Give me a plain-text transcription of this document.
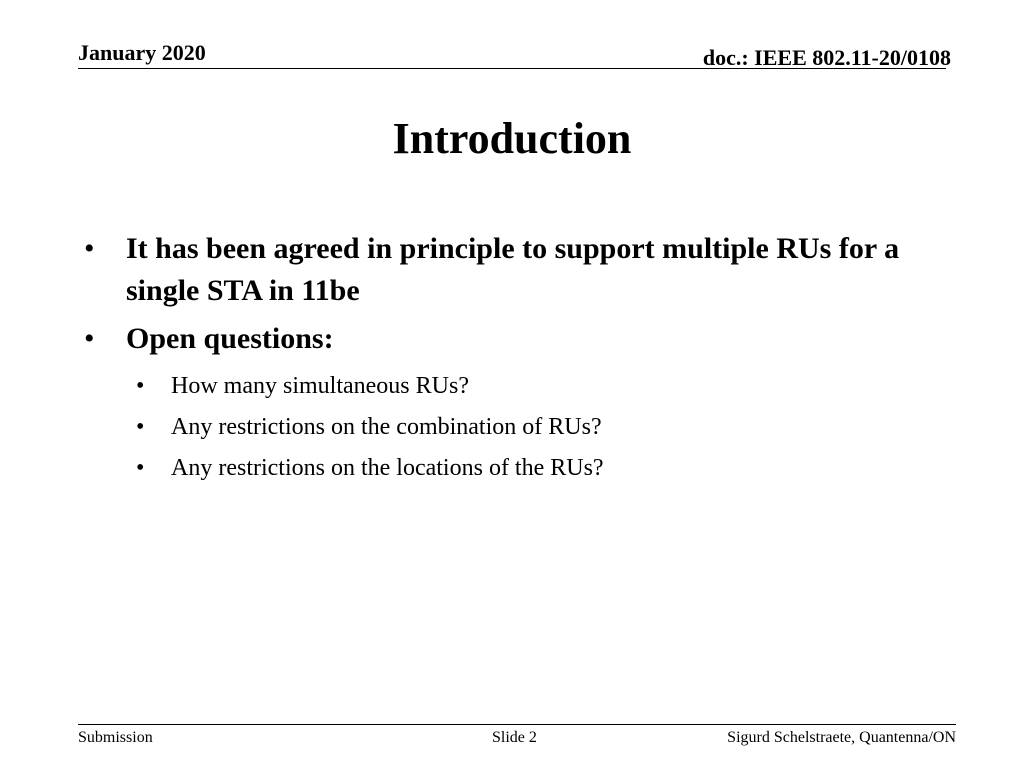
January 2020	doc.: IEEE 802.11-20/0108
Introduction
• It has been agreed in principle to support multiple RUs for a single STA in 11be
• Open questions:
• How many simultaneous RUs?
• Any restrictions on the combination of RUs?
• Any restrictions on the locations of the RUs?
Submission	Slide 2	Sigurd Schelstraete, Quantenna/ON
